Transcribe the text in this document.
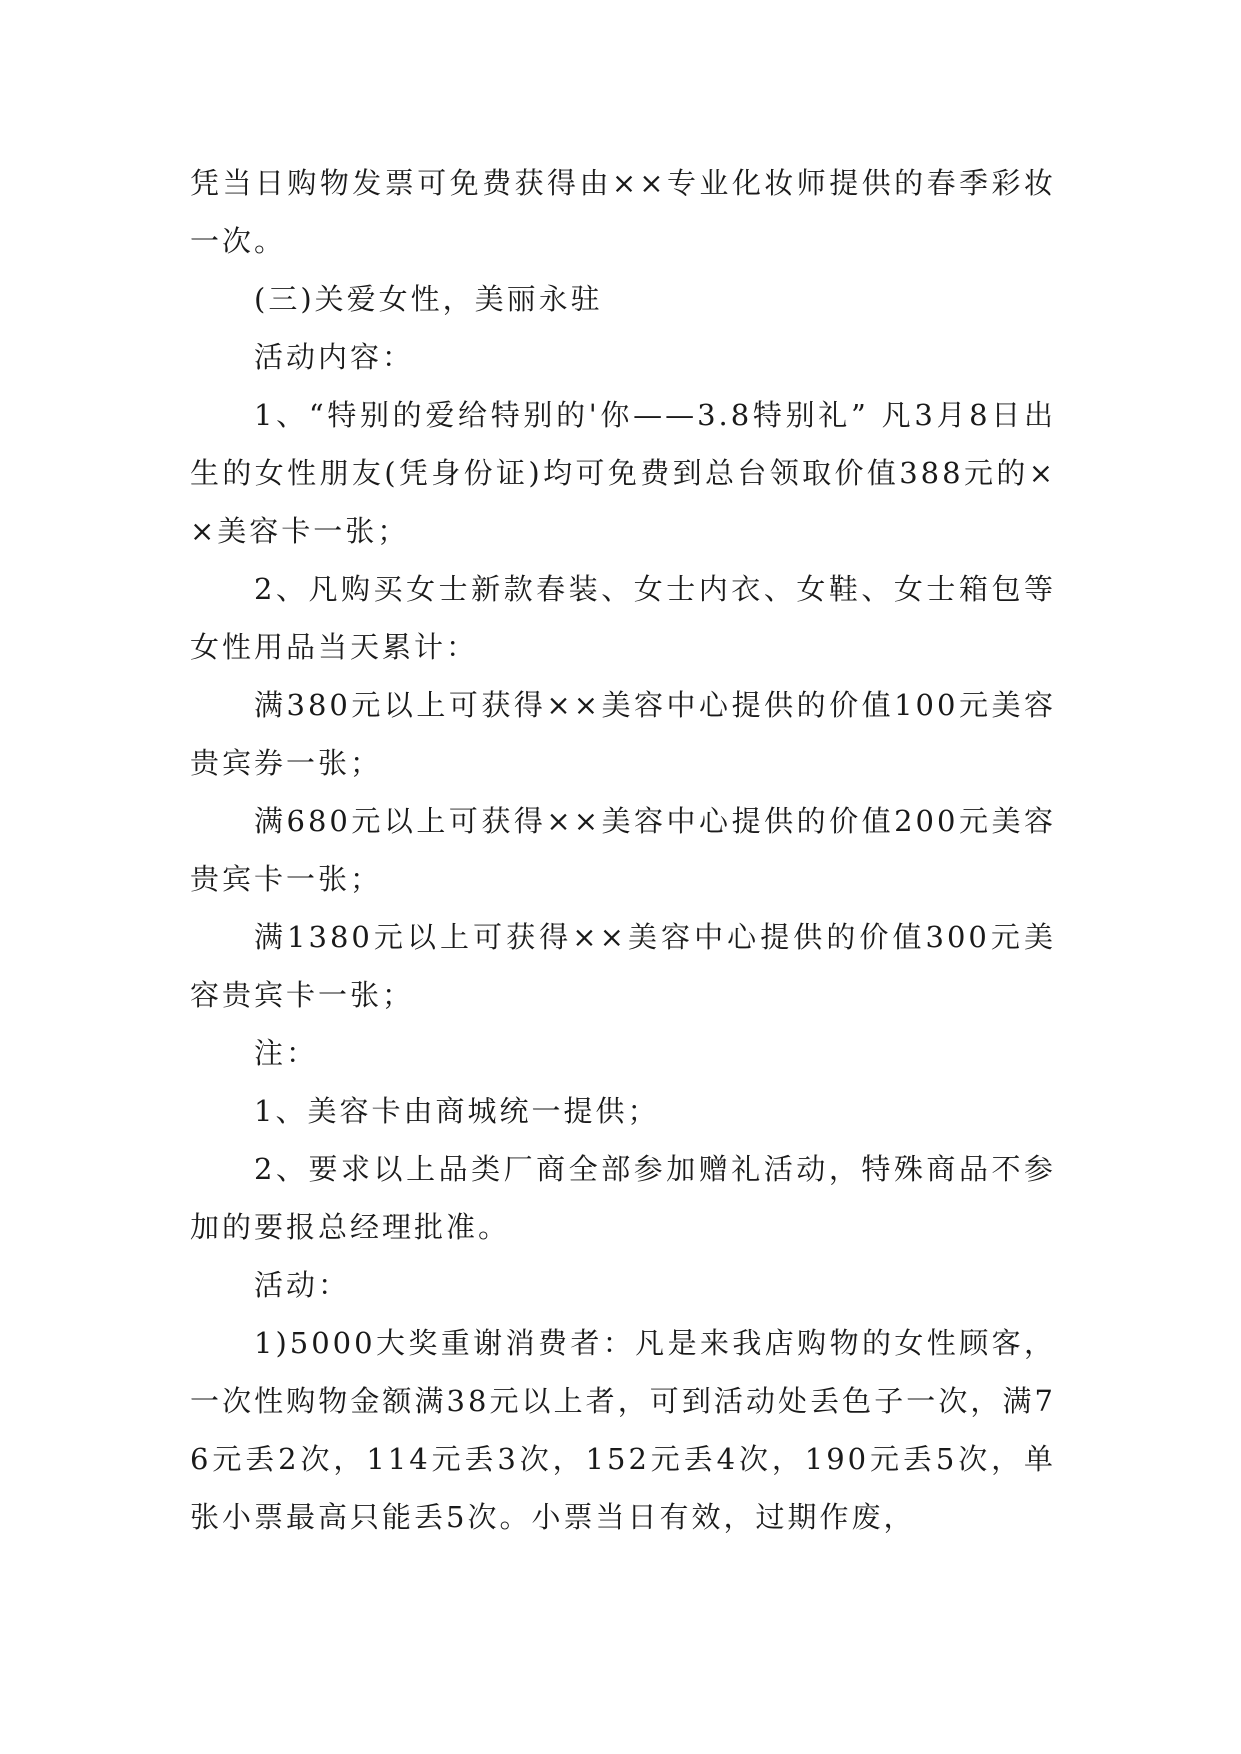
凭当日购物发票可免费获得由××专业化妆师提供的春季彩妆一次。

(三)关爱女性，美丽永驻

活动内容：

1、“特别的爱给特别的'你——3.8特别礼” 凡3月8日出生的女性朋友(凭身份证)均可免费到总台领取价值388元的××美容卡一张；

2、凡购买女士新款春装、女士内衣、女鞋、女士箱包等女性用品当天累计：

满380元以上可获得××美容中心提供的价值100元美容贵宾券一张；

满680元以上可获得××美容中心提供的价值200元美容贵宾卡一张；

满1380元以上可获得××美容中心提供的价值300元美容贵宾卡一张；

注：

1、美容卡由商城统一提供；

2、要求以上品类厂商全部参加赠礼活动，特殊商品不参加的要报总经理批准。

活动：

1)5000大奖重谢消费者：凡是来我店购物的女性顾客，一次性购物金额满38元以上者，可到活动处丢色子一次，满76元丢2次，114元丢3次，152元丢4次，190元丢5次，单张小票最高只能丢5次。小票当日有效，过期作废，
